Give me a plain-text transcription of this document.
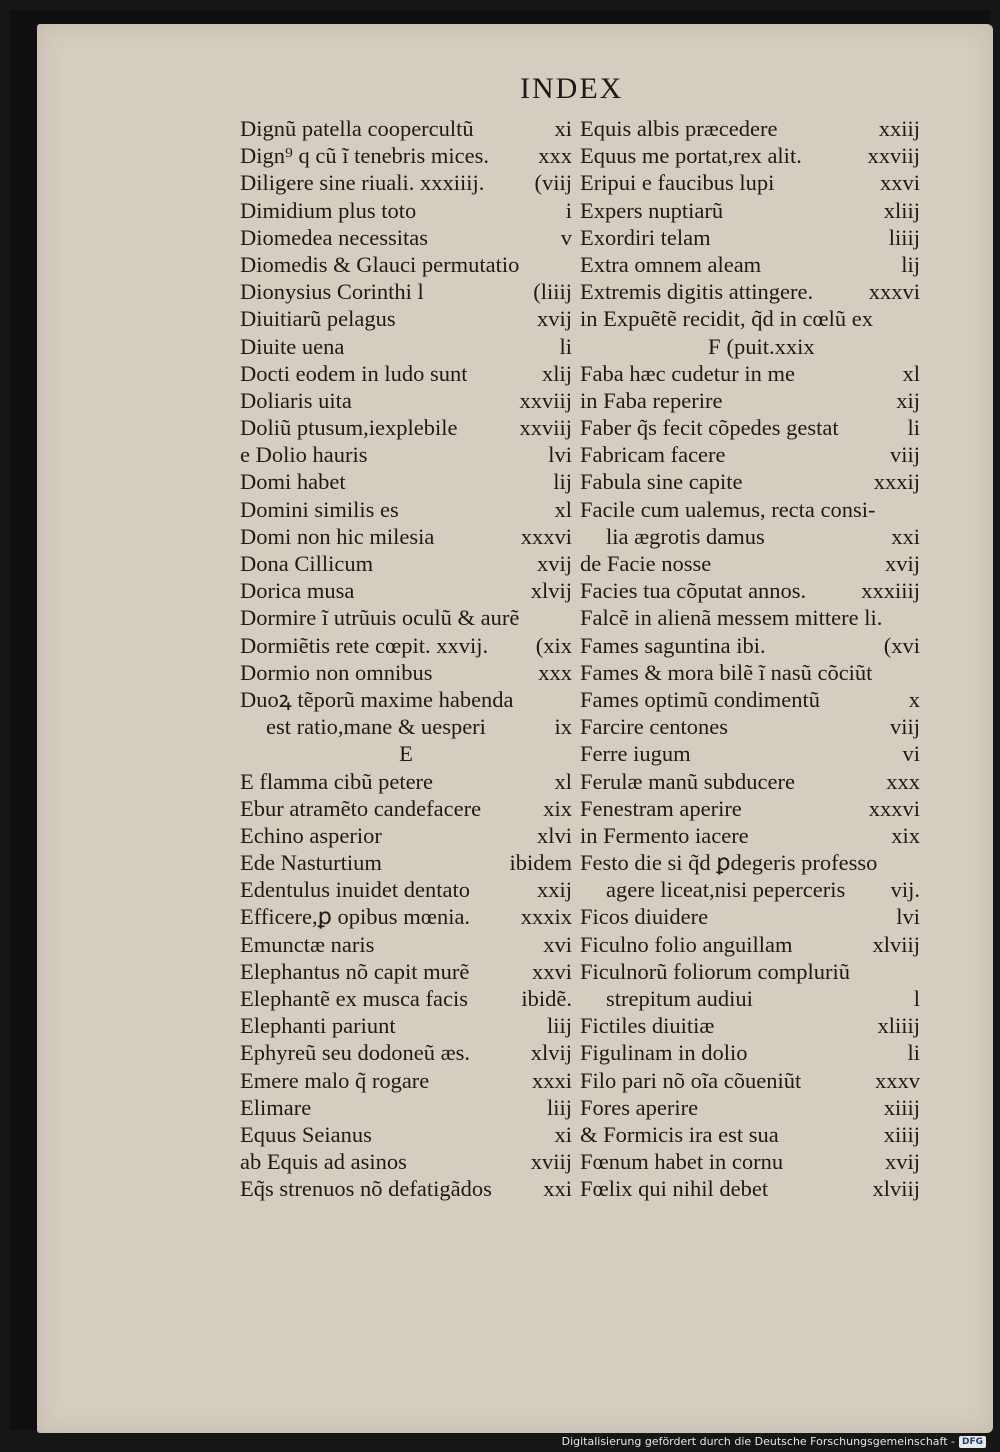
INDEX
Dignũ patella coopercultũ	xi
Dign⁹ q cũ ĩ tenebris mices. xxx
Diligere sine riuali. xxxiiij. (viij
Dimidium plus toto	i
Diomedea necessitas	v
Diomedis & Glauci permutatio
Dionysius Corinthi l	(liiij
Diuitiarũ pelagus	xvij
Diuite uena	li
Docti eodem in ludo sunt	xlij
Doliaris uita	xxviij
Doliũ ptusum,iexplebile	xxviij
e Dolio hauris	lvi
Domi habet	lij
Domini similis es	xl
Domi non hic milesia	xxxvi
Dona Cillicum	xvij
Dorica musa	xlvij
Dormire ĩ utrũuis oculũ & aurẽ
Dormiẽtis rete cœpit. xxvij. (xix
Dormio non omnibus	xxx
Duoꝝ tẽporũ maxime habenda
est ratio,mane & uesperi	ix
E
E flamma cibũ petere	xl
Ebur atramẽto candefacere	xix
Echino asperior	xlvi
Ede Nasturtium	ibidem
Edentulus inuidet dentato	xxij
Efficere,ꝑ opibus mœnia. xxxix
Emunctæ naris	xvi
Elephantus nõ capit murẽ	xxvi
Elephantẽ ex musca facis ibidẽ.
Elephanti pariunt	liij
Ephyreũ seu dodoneũ æs.	xlvij
Emere malo q̃ rogare	xxxi
Elimare	liij
Equus Seianus	xi
ab Equis ad asinos	xviij
Eq̃s strenuos nõ defatigãdos xxi
Equis albis præcedere	xxiij
Equus me portat,rex alit.	xxviij
Eripui e faucibus lupi	xxvi
Expers nuptiarũ	xliij
Exordiri telam	liiij
Extra omnem aleam	lij
Extremis digitis attingere. xxxvi
in Expuẽtẽ recidit, q̃d in cœlũ ex
F (puit.xxix
Faba hæc cudetur in me	xl
in Faba reperire	xij
Faber q̃s fecit cõpedes gestat	li
Fabricam facere	viij
Fabula sine capite	xxxij
Facile cum ualemus, recta consi-
lia ægrotis damus	xxi
de Facie nosse	xvij
Facies tua cõputat annos. xxxiiij
Falcẽ in alienã messem mittere li.
Fames saguntina ibi.	(xvi
Fames & mora bilẽ ĩ nasũ cõciũt
Fames optimũ condimentũ	x
Farcire centones	viij
Ferre iugum	vi
Ferulæ manũ subducere	xxx
Fenestram aperire	xxxvi
in Fermento iacere	xix
Festo die si q̃d ꝑdegeris professo
agere liceat,nisi peperceris vij.
Ficos diuidere	lvi
Ficulno folio anguillam	xlviij
Ficulnorũ foliorum compluriũ
strepitum audiui	l
Fictiles diuitiæ	xliiij
Figulinam in dolio	li
Filo pari nõ oĩa cõueniũt	xxxv
Fores aperire	xiiij
& Formicis ira est sua	xiiij
Fœnum habet in cornu	xvij
Fœlix qui nihil debet	xlviij
Digitalisierung gefördert durch die Deutsche Forschungsgemeinschaft - DFG
